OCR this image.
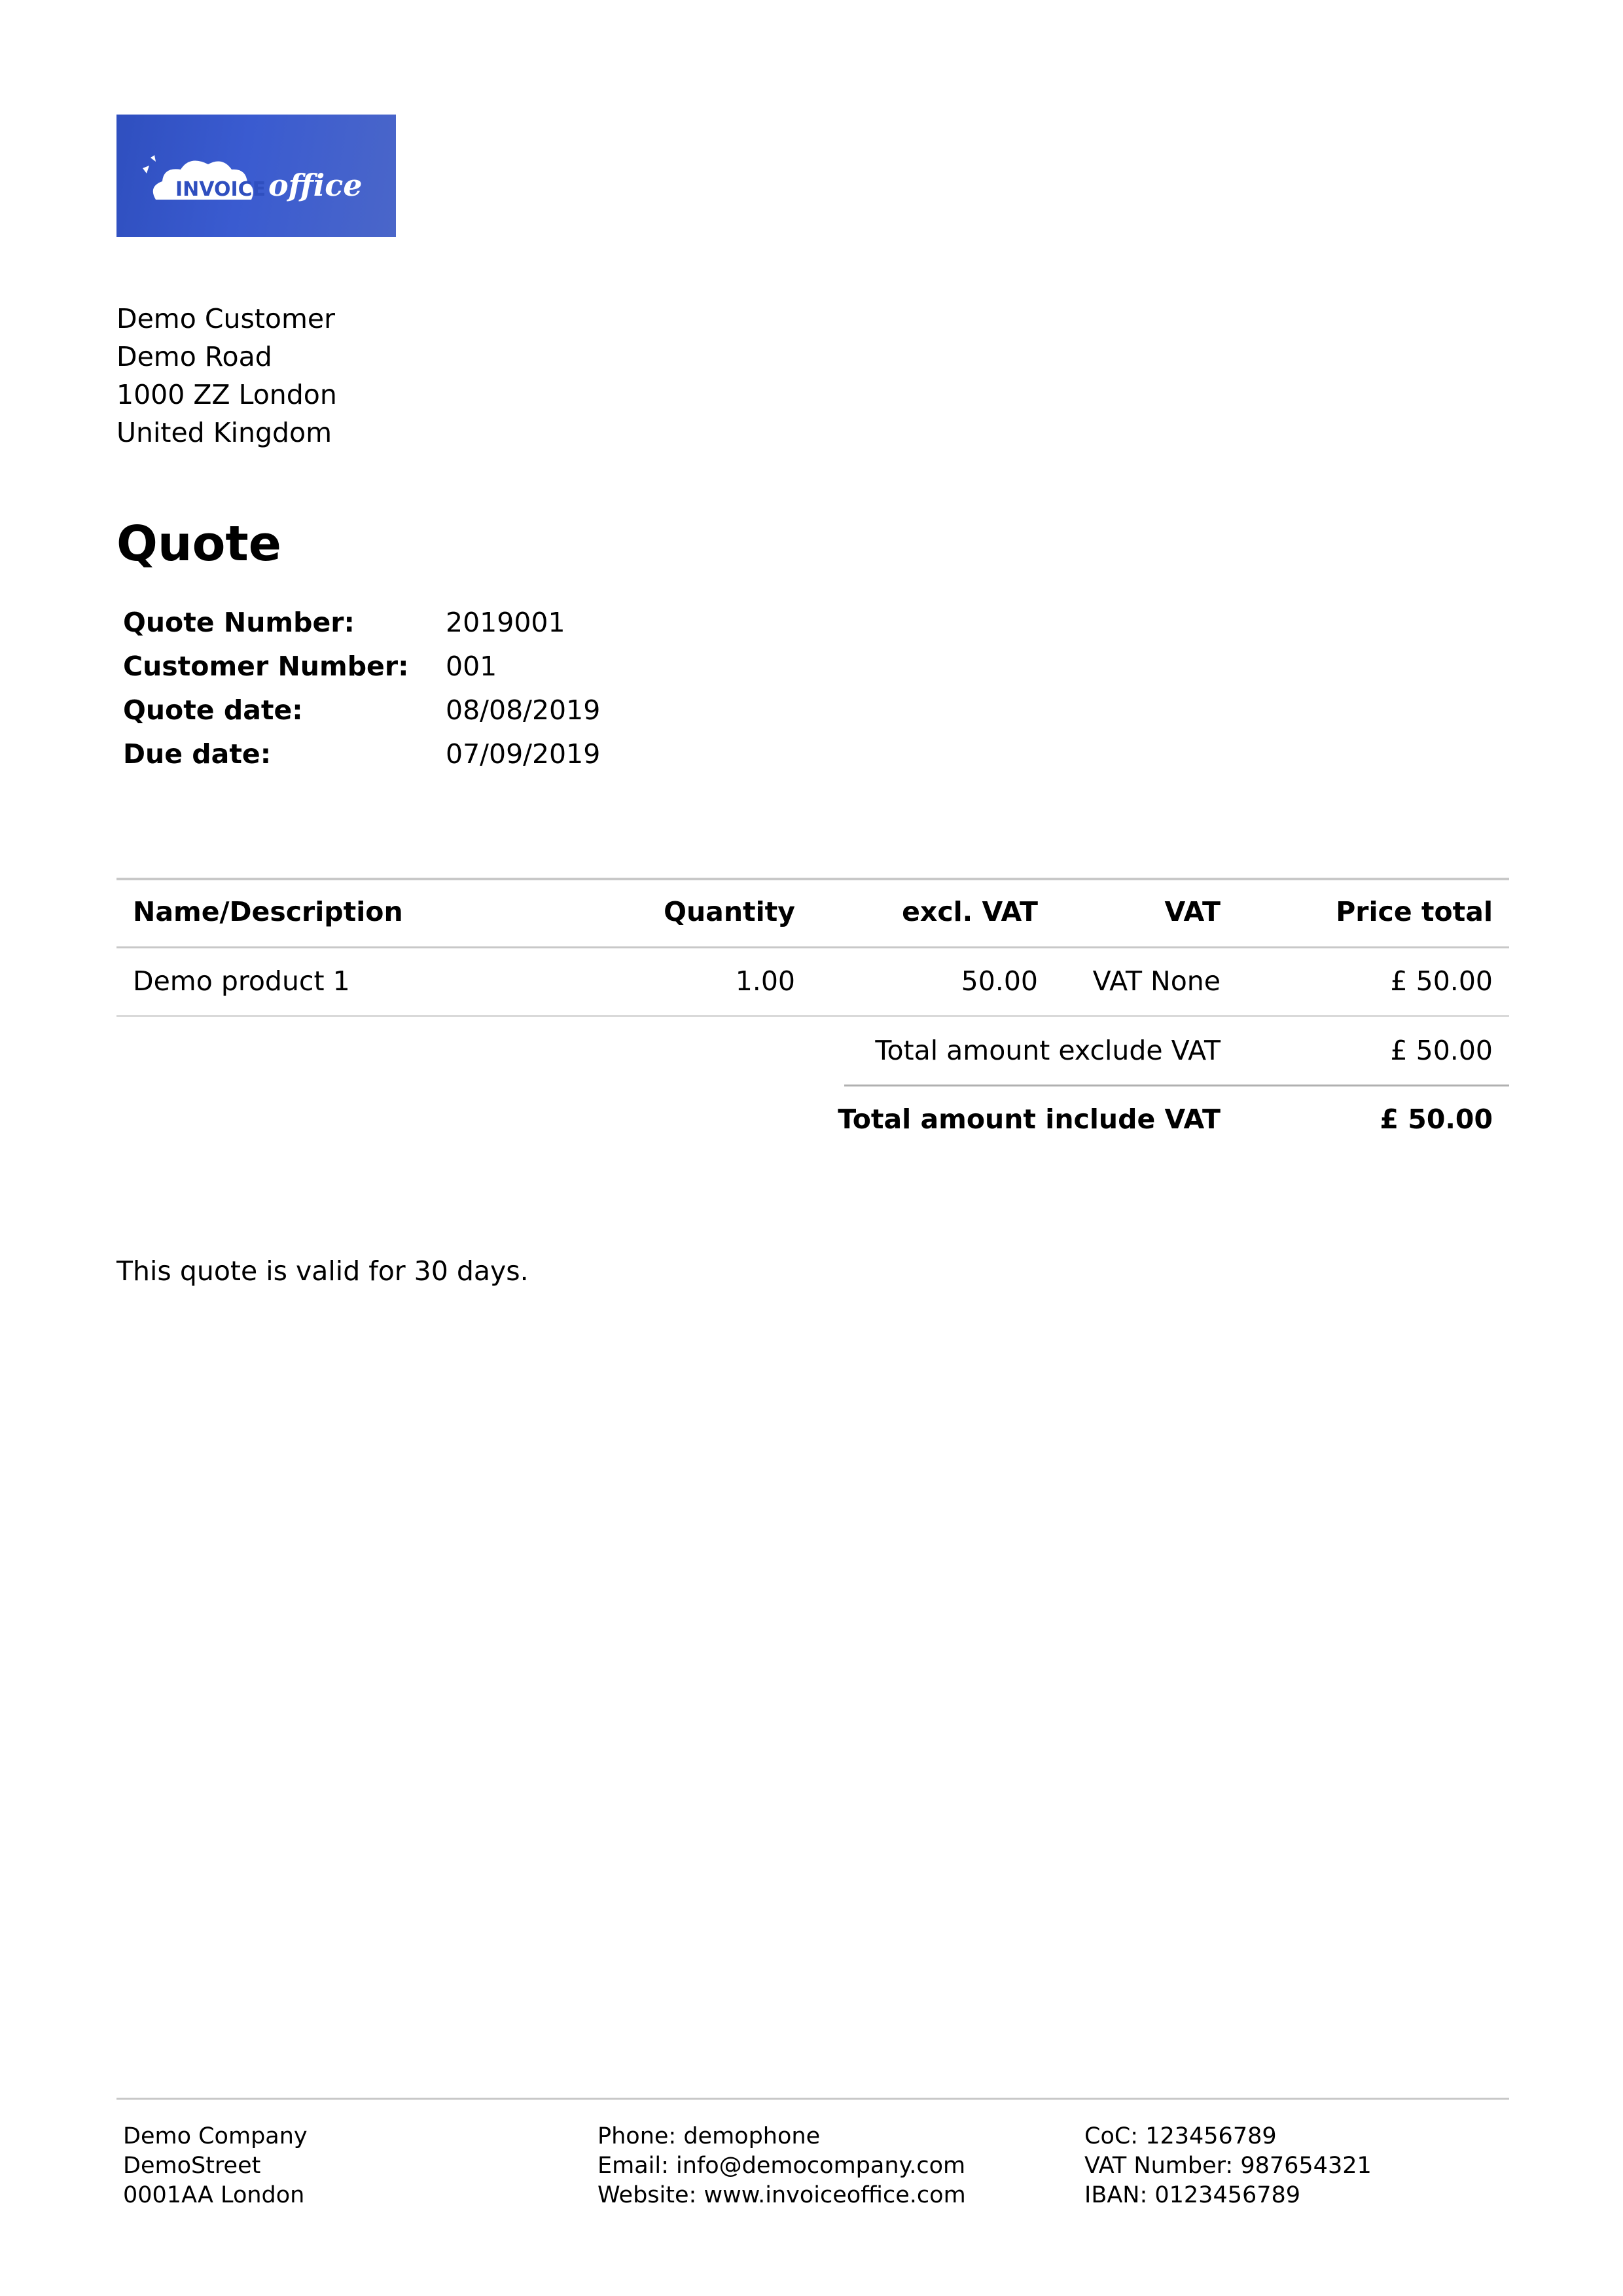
INVOICE office
Demo Customer
Demo Road
1000 ZZ London
United Kingdom
Quote
Quote Number:	2019001
Customer Number:	001
Quote date:	08/08/2019
Due date:	07/09/2019
Name/Description	Quantity	excl. VAT	VAT	Price total
Demo product 1	1.00	50.00 VAT None	£ 50.00
Total amount exclude VAT	£ 50.00
Total amount include VAT	£ 50.00
This quote is valid for 30 days.
Demo Company
DemoStreet
0001AA London
Phone: demophone
Email: info@democompany.com
Website: www.invoiceoffice.com
CoC: 123456789
VAT Number: 987654321
IBAN: 0123456789
